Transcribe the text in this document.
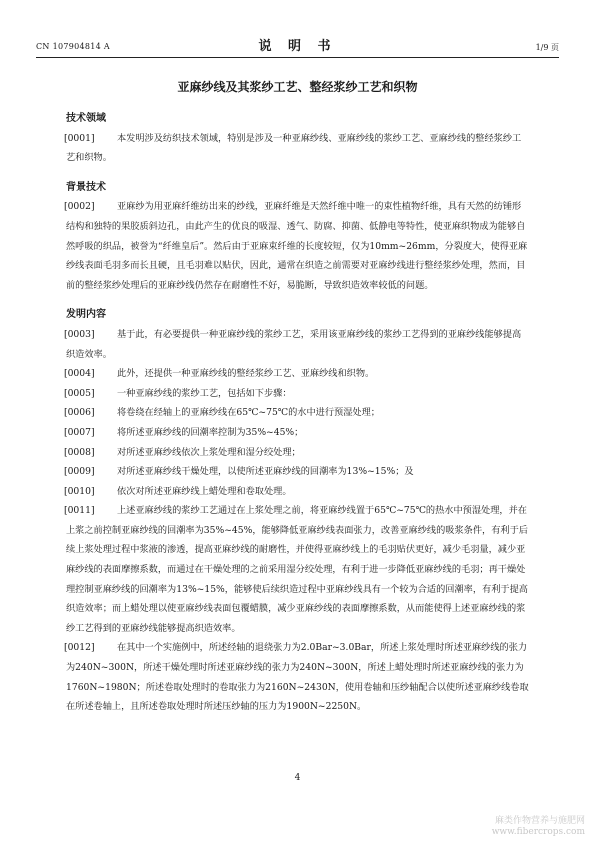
CN 107904814 A	说 明 书	1/9 页
亚麻纱线及其浆纱工艺、整经浆纱工艺和织物

技术领域

[0001] 本发明涉及纺织技术领域，特别是涉及一种亚麻纱线、亚麻纱线的浆纱工艺、亚麻纱线的整经浆纱工艺和织物。

背景技术

[0002] 亚麻纱为用亚麻纤维纺出来的纱线，亚麻纤维是天然纤维中唯一的束性植物纤维，具有天然的纺锤形结构和独特的果胶质斜边孔，由此产生的优良的吸湿、透气、防腐、抑菌、低静电等特性，使亚麻织物成为能够自然呼吸的织品，被誉为“纤维皇后”。然后由于亚麻束纤维的长度较短，仅为10mm~26mm，分裂度大，使得亚麻纱线表面毛羽多而长且硬，且毛羽难以贴伏，因此，通常在织造之前需要对亚麻纱线进行整经浆纱处理，然而，目前的整经浆纱处理后的亚麻纱线仍然存在耐磨性不好，易脆断，导致织造效率较低的问题。

发明内容

[0003] 基于此，有必要提供一种亚麻纱线的浆纱工艺，采用该亚麻纱线的浆纱工艺得到的亚麻纱线能够提高织造效率。

[0004] 此外，还提供一种亚麻纱线的整经浆纱工艺、亚麻纱线和织物。

[0005] 一种亚麻纱线的浆纱工艺，包括如下步骤：

[0006] 将卷绕在经轴上的亚麻纱线在65℃~75℃的水中进行预湿处理；

[0007] 将所述亚麻纱线的回潮率控制为35%~45%；

[0008] 对所述亚麻纱线依次上浆处理和湿分绞处理；

[0009] 对所述亚麻纱线干燥处理，以使所述亚麻纱线的回潮率为13%~15%；及

[0010] 依次对所述亚麻纱线上蜡处理和卷取处理。

[0011] 上述亚麻纱线的浆纱工艺通过在上浆处理之前，将亚麻纱线置于65℃~75℃的热水中预湿处理，并在上浆之前控制亚麻纱线的回潮率为35%~45%，能够降低亚麻纱线表面张力，改善亚麻纱线的吸浆条件，有利于后续上浆处理过程中浆液的渗透，提高亚麻纱线的耐磨性，并使得亚麻纱线上的毛羽贴伏更好，减少毛羽量，减少亚麻纱线的表面摩擦系数，而通过在干燥处理的之前采用湿分绞处理，有利于进一步降低亚麻纱线的毛羽；再干燥处理控制亚麻纱线的回潮率为13%~15%，能够使后续织造过程中亚麻纱线具有一个较为合适的回潮率，有利于提高织造效率；而上蜡处理以使亚麻纱线表面包覆蜡膜，减少亚麻纱线的表面摩擦系数，从而能使得上述亚麻纱线的浆纱工艺得到的亚麻纱线能够提高织造效率。

[0012] 在其中一个实施例中，所述经轴的退绕张力为2.0Bar~3.0Bar，所述上浆处理时所述亚麻纱线的张力为240N~300N，所述干燥处理时所述亚麻纱线的张力为240N~300N，所述上蜡处理时所述亚麻纱线的张力为1760N~1980N；所述卷取处理时的卷取张力为2160N~2430N，使用卷轴和压纱轴配合以使所述亚麻纱线卷取在所述卷轴上，且所述卷取处理时所述压纱轴的压力为1900N~2250N。

4
麻类作物营养与施肥网
www.fibercrops.com
